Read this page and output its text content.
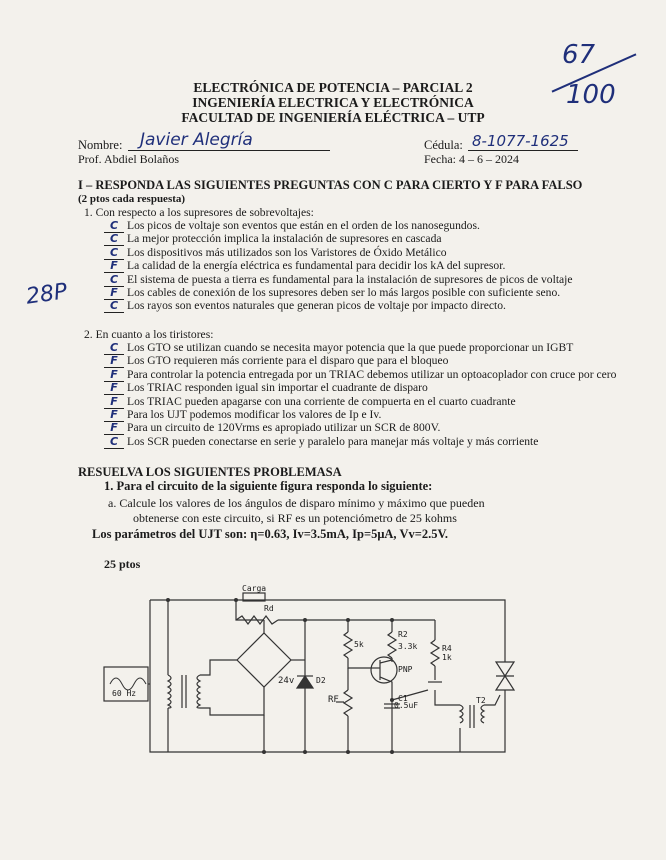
ELECTRÓNICA DE POTENCIA – PARCIAL 2
INGENIERÍA ELECTRICA Y ELECTRÓNICA
FACULTAD DE INGENIERÍA ELÉCTRICA – UTP
67
100
Nombre: Javier Alegría
Prof. Abdiel Bolaños
Cédula: 8-1077-1625
Fecha: 4 – 6 – 2024
I – RESPONDA LAS SIGUIENTES PREGUNTAS CON C PARA CIERTO Y F PARA FALSO
(2 ptos cada respuesta)
28P
1. Con respecto a los supresores de sobrevoltajes:
C Los picos de voltaje son eventos que están en el orden de los nanosegundos.
C La mejor protección implica la instalación de supresores en cascada
C Los dispositivos más utilizados son los Varistores de Óxido Metálico
F La calidad de la energía eléctrica es fundamental para decidir los kA del supresor.
C El sistema de puesta a tierra es fundamental para la instalación de supresores de picos de voltaje
F Los cables de conexión de los supresores deben ser lo más largos posible con suficiente seno.
C Los rayos son eventos naturales que generan picos de voltaje por impacto directo.
2. En cuanto a los tiristores:
C Los GTO se utilizan cuando se necesita mayor potencia que la que puede proporcionar un IGBT
F Los GTO requieren más corriente para el disparo que para el bloqueo
F Para controlar la potencia entregada por un TRIAC debemos utilizar un optoacoplador con cruce por cero
F Los TRIAC responden igual sin importar el cuadrante de disparo
F Los TRIAC pueden apagarse con una corriente de compuerta en el cuarto cuadrante
F Para los UJT podemos modificar los valores de Ip e Iv.
F Para un circuito de 120Vrms es apropiado utilizar un SCR de 800V.
C Los SCR pueden conectarse en serie y paralelo para manejar más voltaje y más corriente
RESUELVA LOS SIGUIENTES PROBLEMASA
1. Para el circuito de la siguiente figura responda lo siguiente:
a. Calcule los valores de los ángulos de disparo mínimo y máximo que pueden
obtenerse con este circuito, si RF es un potenciómetro de 25 kohms
Los parámetros del UJT son: η=0.63, Iv=3.5mA, Ip=5μA, Vv=2.5V.
25 ptos
Carga
Rd
5k
R2
3.3k	R4
1k
PNP
24v	D2
RF	C1
0.5uF
T2
60 Hz
